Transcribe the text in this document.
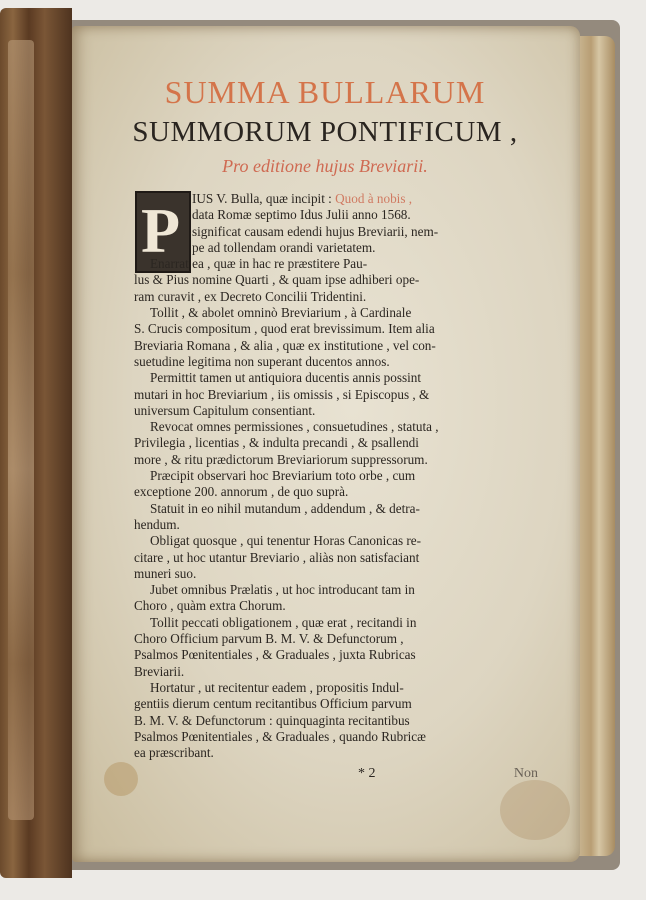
SUMMA BULLARUM
SUMMORUM PONTIFICUM ,
Pro editione hujus Breviarii.
P IUS V. Bulla, quæ incipit : Quod à nobis ,
data Romæ septimo Idus Julii anno 1568.
significat causam edendi hujus Breviarii, nem-
pe ad tollendam orandi varietatem.
Enarrat ea , quæ in hac re præstitere Pau-
lus & Pius nomine Quarti , & quam ipse adhiberi ope-
ram curavit , ex Decreto Concilii Tridentini.
Tollit , & abolet omninò Breviarium , à Cardinale
S. Crucis compositum , quod erat brevissimum. Item alia
Breviaria Romana , & alia , quæ ex institutione , vel con-
suetudine legitima non superant ducentos annos.
Permittit tamen ut antiquiora ducentis annis possint
mutari in hoc Breviarium , iis omissis , si Episcopus , &
universum Capitulum consentiant.
Revocat omnes permissiones , consuetudines , statuta ,
Privilegia , licentias , & indulta precandi , & psallendi
more , & ritu prædictorum Breviariorum suppressorum.
Præcipit observari hoc Breviarium toto orbe , cum
exceptione 200. annorum , de quo suprà.
Statuit in eo nihil mutandum , addendum , & detra-
hendum.
Obligat quosque , qui tenentur Horas Canonicas re-
citare , ut hoc utantur Breviario , aliàs non satisfaciant
muneri suo.
Jubet omnibus Prælatis , ut hoc introducant tam in
Choro , quàm extra Chorum.
Tollit peccati obligationem , quæ erat , recitandi in
Choro Officium parvum B. M. V. & Defunctorum ,
Psalmos Pœnitentiales , & Graduales , juxta Rubricas
Breviarii.
Hortatur , ut recitentur eadem , propositis Indul-
gentiis dierum centum recitantibus Officium parvum
B. M. V. & Defunctorum : quinquaginta recitantibus
Psalmos Pœnitentiales , & Graduales , quando Rubricæ
ea præscribant.
* 2	Non
